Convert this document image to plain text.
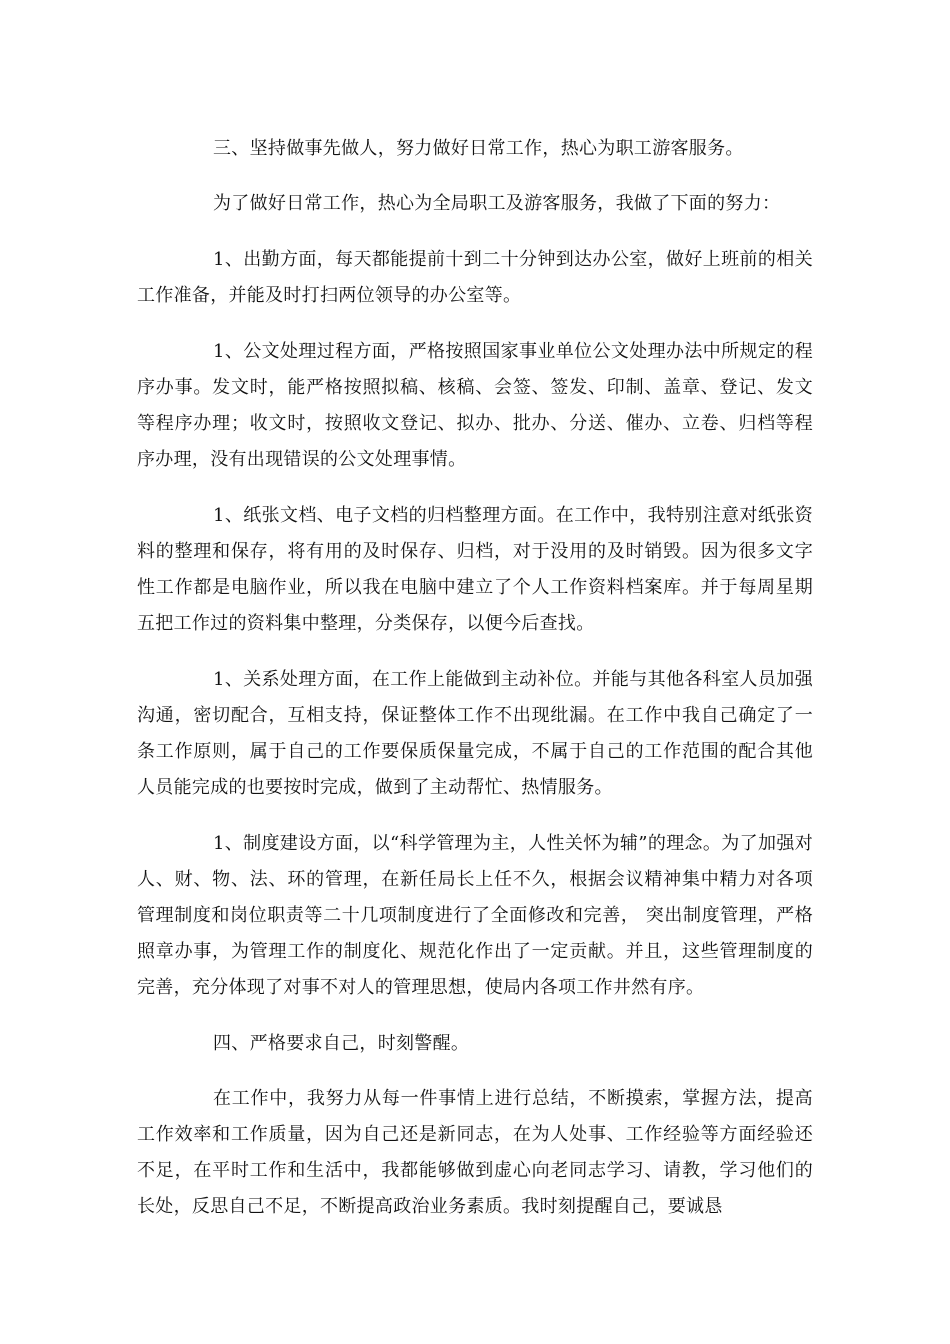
三、坚持做事先做人，努力做好日常工作，热心为职工游客服务。

为了做好日常工作，热心为全局职工及游客服务，我做了下面的努力：

1、出勤方面，每天都能提前十到二十分钟到达办公室，做好上班前的相关工作准备，并能及时打扫两位领导的办公室等。

1、公文处理过程方面，严格按照国家事业单位公文处理办法中所规定的程序办事。发文时，能严格按照拟稿、核稿、会签、签发、印制、盖章、登记、发文等程序办理；收文时，按照收文登记、拟办、批办、分送、催办、立卷、归档等程序办理，没有出现错误的公文处理事情。

1、纸张文档、电子文档的归档整理方面。在工作中，我特别注意对纸张资料的整理和保存，将有用的及时保存、归档，对于没用的及时销毁。因为很多文字性工作都是电脑作业，所以我在电脑中建立了个人工作资料档案库。并于每周星期五把工作过的资料集中整理，分类保存，以便今后查找。

1、关系处理方面，在工作上能做到主动补位。并能与其他各科室人员加强沟通，密切配合，互相支持，保证整体工作不出现纰漏。在工作中我自己确定了一条工作原则，属于自己的工作要保质保量完成，不属于自己的工作范围的配合其他人员能完成的也要按时完成，做到了主动帮忙、热情服务。

1、制度建设方面，以“科学管理为主，人性关怀为辅”的理念。为了加强对人、财、物、法、环的管理，在新任局长上任不久，根据会议精神集中精力对各项管理制度和岗位职责等二十几项制度进行了全面修改和完善， 突出制度管理，严格照章办事，为管理工作的制度化、规范化作出了一定贡献。并且，这些管理制度的完善，充分体现了对事不对人的管理思想，使局内各项工作井然有序。

四、严格要求自己，时刻警醒。

在工作中，我努力从每一件事情上进行总结，不断摸索，掌握方法，提高工作效率和工作质量，因为自己还是新同志，在为人处事、工作经验等方面经验还不足，在平时工作和生活中，我都能够做到虚心向老同志学习、请教，学习他们的长处，反思自己不足，不断提高政治业务素质。我时刻提醒自己，要诚恳
